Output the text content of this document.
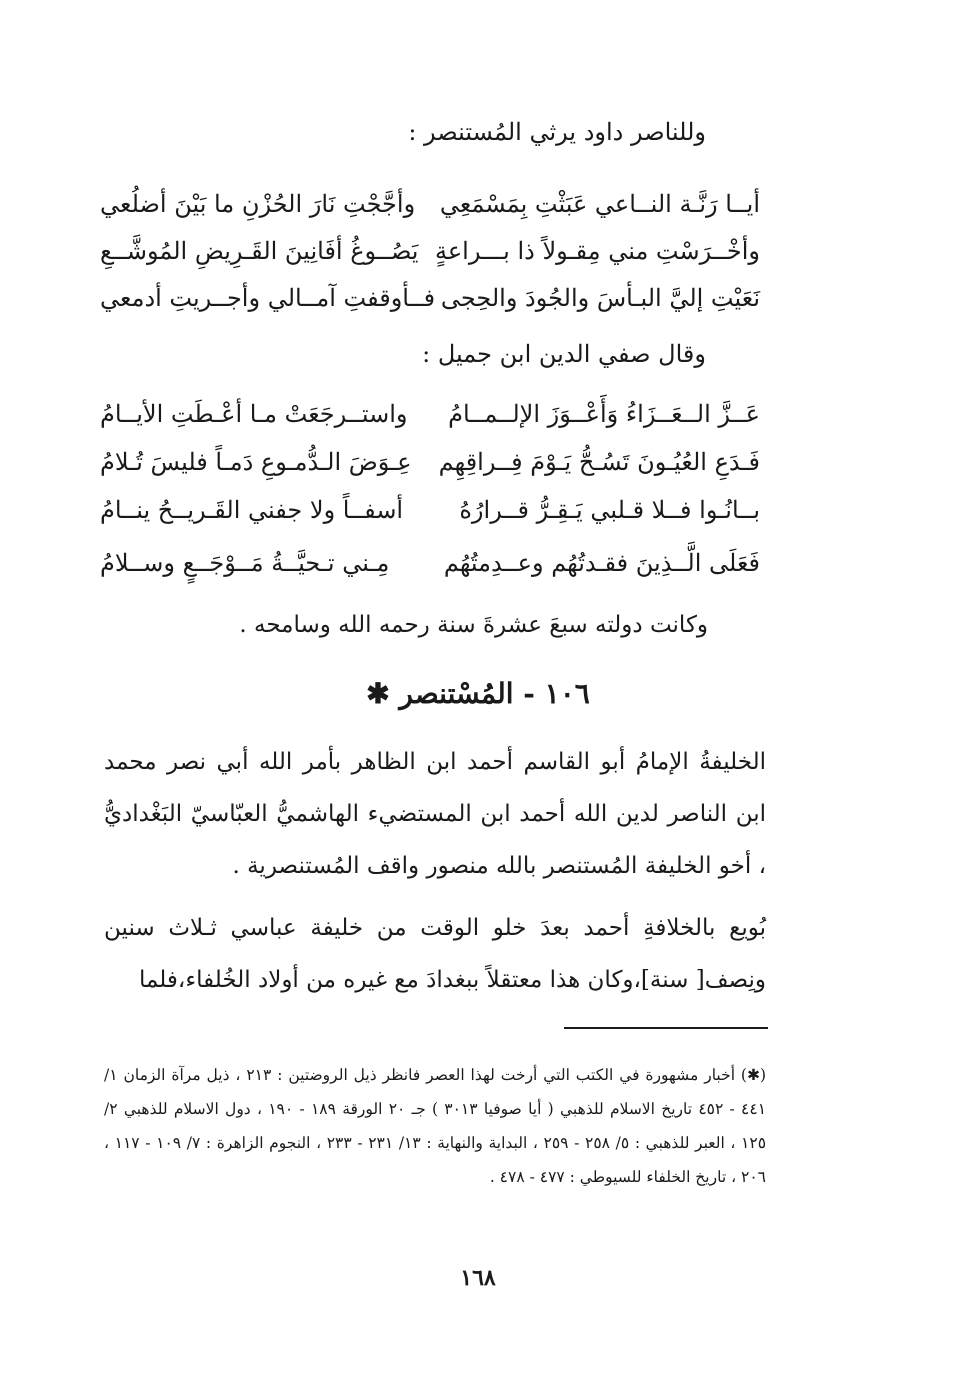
وللناصر داود يرثي المُستنصر :
أيــا رَنَّـة النــاعي عَبَثْتِ بِمَسْمَعِي
وأجَّجْتِ نَارَ الحُزْنِ ما بَيْنَ أضلُعي
وأخْــرَسْتِ مني مِقـولاً ذا بـــراعةٍ
يَصُــوغُ أفَانِينَ القَـرِيضِ المُوشَّــعِ
نَعَيْتِ إليَّ البـأسَ والجُودَ والحِجى
فــأوقفتِ آمــالي وأجــريتِ أدمعي
وقال صفي الدين ابن جميل :
عَــزَّ الــعَــزَاءُ وَأَعْــوَزَ الإلــمــامُ
واستــرجَعَتْ مـا أعْـطَتِ الأيــامُ
فَـدَعِ العُيُـونَ تَسُـحُّ يَـوْمَ فِــراقِهِم
عِـوَضَ الـدُّمـوعِ دَمـاً فليسَ تُـلامُ
بــانُـوا فــلا قـلبي يَـقِـرُّ قــرارُهُ
أسفــاً ولا جفني القَـريــحُ ينــامُ
فَعَلَى الَّــذِينَ فقـدتُهُم وعــدِمتُهُم
مِـني تـحيَّــةُ مَــوْجَــعٍ وســلامُ
وكانت دولته سبعَ عشرةَ سنة رحمه الله وسامحه .
١٠٦ - المُسْتنصر ✱
الخليفةُ الإمامُ أبو القاسم أحمد ابن الظاهر بأمر الله أبي نصر محمد ابن الناصر لدين الله أحمد ابن المستضيء الهاشميُّ العبّاسيّ البَغْداديُّ ، أخو الخليفة المُستنصر بالله منصور واقف المُستنصرية .
بُويع بالخلافةِ أحمد بعدَ خلو الوقت من خليفة عباسي ثـلاث سنين ونِصف[ سنة]،وكان هذا معتقلاً ببغدادَ مع غيره من أولاد الخُلفاء،فلما
(✱) أخبار مشهورة في الكتب التي أرخت لهذا العصر فانظر ذيل الروضتين : ٢١٣ ، ذيل مرآة الزمان ١/ ٤٤١ - ٤٥٢ تاريخ الاسلام للذهبي ( أيا صوفيا ٣٠١٣ ) جـ ٢٠ الورقة ١٨٩ - ١٩٠ ، دول الاسلام للذهبي ٢/ ١٢٥ ، العبر للذهبي : ٥/ ٢٥٨ - ٢٥٩ ، البداية والنهاية : ١٣/ ٢٣١ - ٢٣٣ ، النجوم الزاهرة : ٧/ ١٠٩ - ١١٧ ، ٢٠٦ ، تاريخ الخلفاء للسيوطي : ٤٧٧ - ٤٧٨ .
١٦٨
